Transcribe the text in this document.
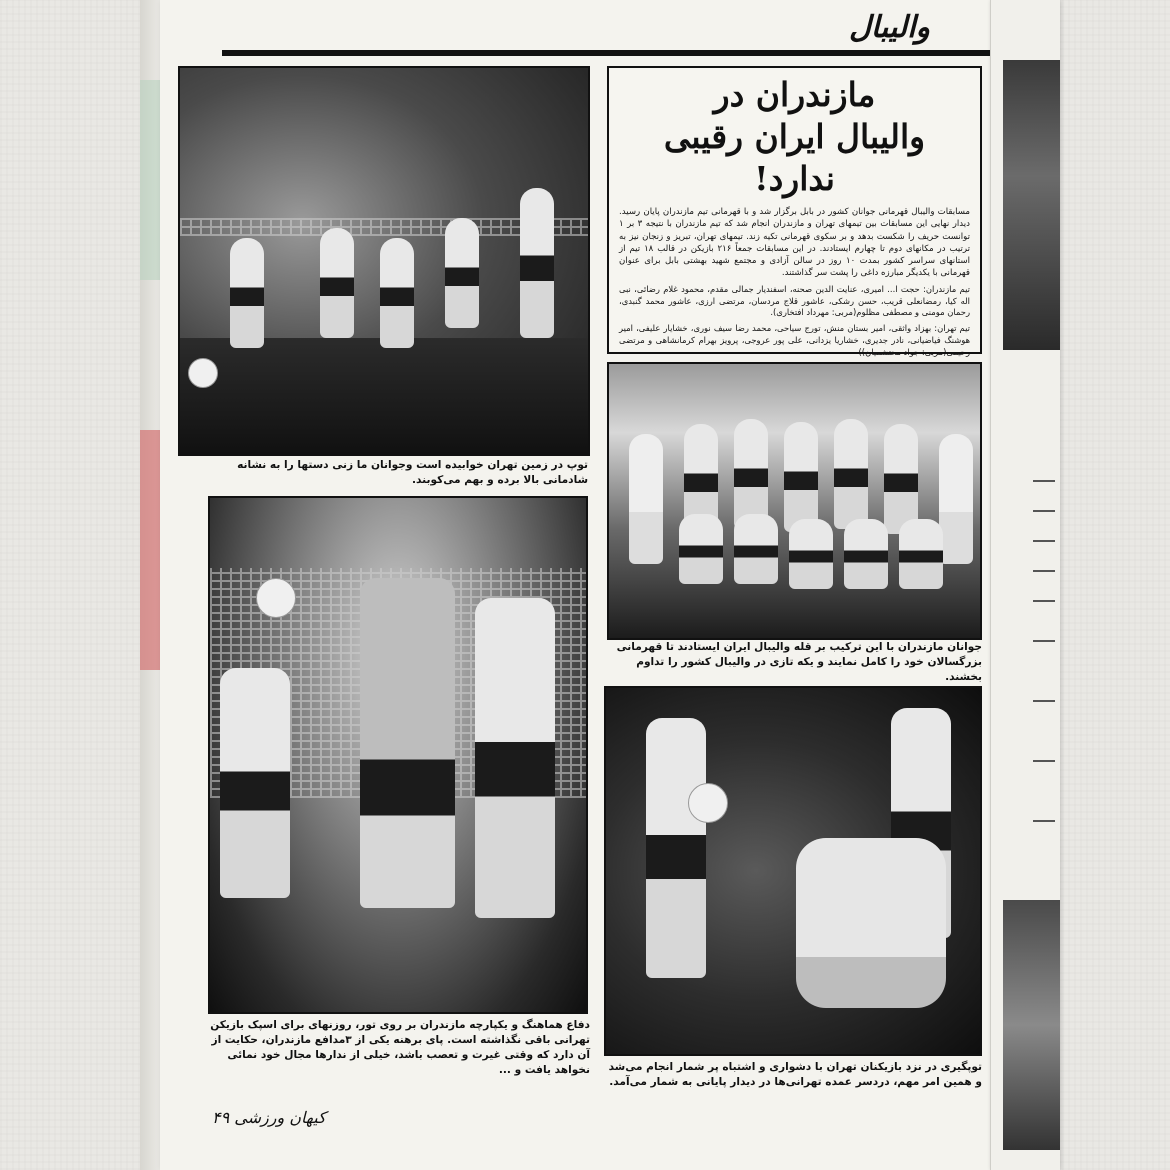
والیبال
توپ در زمین تهران خوابیده است وجوانان ما زنی دستها را به نشانه شادمانی بالا برده و بهم می‌کوبند.
مازندران در
والیبال ایران رقیبی ندارد!
مسابقات والیبال قهرمانی جوانان کشور در بابل برگزار شد و با قهرمانی تیم مازندران پایان رسید. دیدار نهایی این مسابقات بین تیمهای تهران و مازندران انجام شد که تیم مازندران با نتیجه ۳ بر ۱ توانست حریف را شکست بدهد و بر سکوی قهرمانی تکیه زند. تیمهای تهران، تبریز و زنجان نیز به ترتیب در مکانهای دوم تا چهارم ایستادند. در این مسابقات جمعاً ۲۱۶ بازیکن در قالب ۱۸ تیم از استانهای سراسر کشور بمدت ۱۰ روز در سالن آزادی و مجتمع شهید بهشتی بابل برای عنوان قهرمانی با یکدیگر مبارزه داغی را پشت سر گذاشتند.
تیم مازندران: حجت ا... امیری، عنایت الدین صحنه، اسفندیار جمالی مقدم، محمود غلام رضائی، نبی اله کیا، رمضانعلی قریب، حسن رشکی، عاشور قلاج مردسان، مرتضی ارزی، عاشور محمد گنبدی، رحمان مومنی و مصطفی مظلوم(مربی: مهرداد افتخاری).
تیم تهران: بهزاد واثقی، امیر بستان منش، تورج سیاحی، محمد رضا سیف نوری، خشایار علیفی، امیر هوشنگ فیاضیانی، نادر جدیری، خشاریا یزدانی، علی پور عروجی، پرویز بهرام کرمانشاهی و مرتضی رحیمی(مربی: جواد محتشمیان))
جوانان مازندران با این ترکیب بر قله والیبال ایران ایستادند تا قهرمانی بزرگسالان خود را کامل نمایند و یکه تازی در والیبال کشور را تداوم بخشند.
دفاع هماهنگ و یکپارچه مازندران بر روی تور، روزنهای برای اسپک بازیکن تهرانی باقی نگذاشته است. پای برهنه یکی از ۳مدافع مازندران، حکایت از آن دارد که وقتی غیرت و تعصب باشد، خیلی از ندارها مجال خود نمائی نخواهد یافت و ...	توپگیری در نزد بازیکنان تهران با دشواری و اشتباه پر شمار انجام می‌شد و همین امر مهم، دردسر عمده تهرانی‌ها در دیدار پایانی به شمار می‌آمد.
کیهان ورزشی ۴۹
